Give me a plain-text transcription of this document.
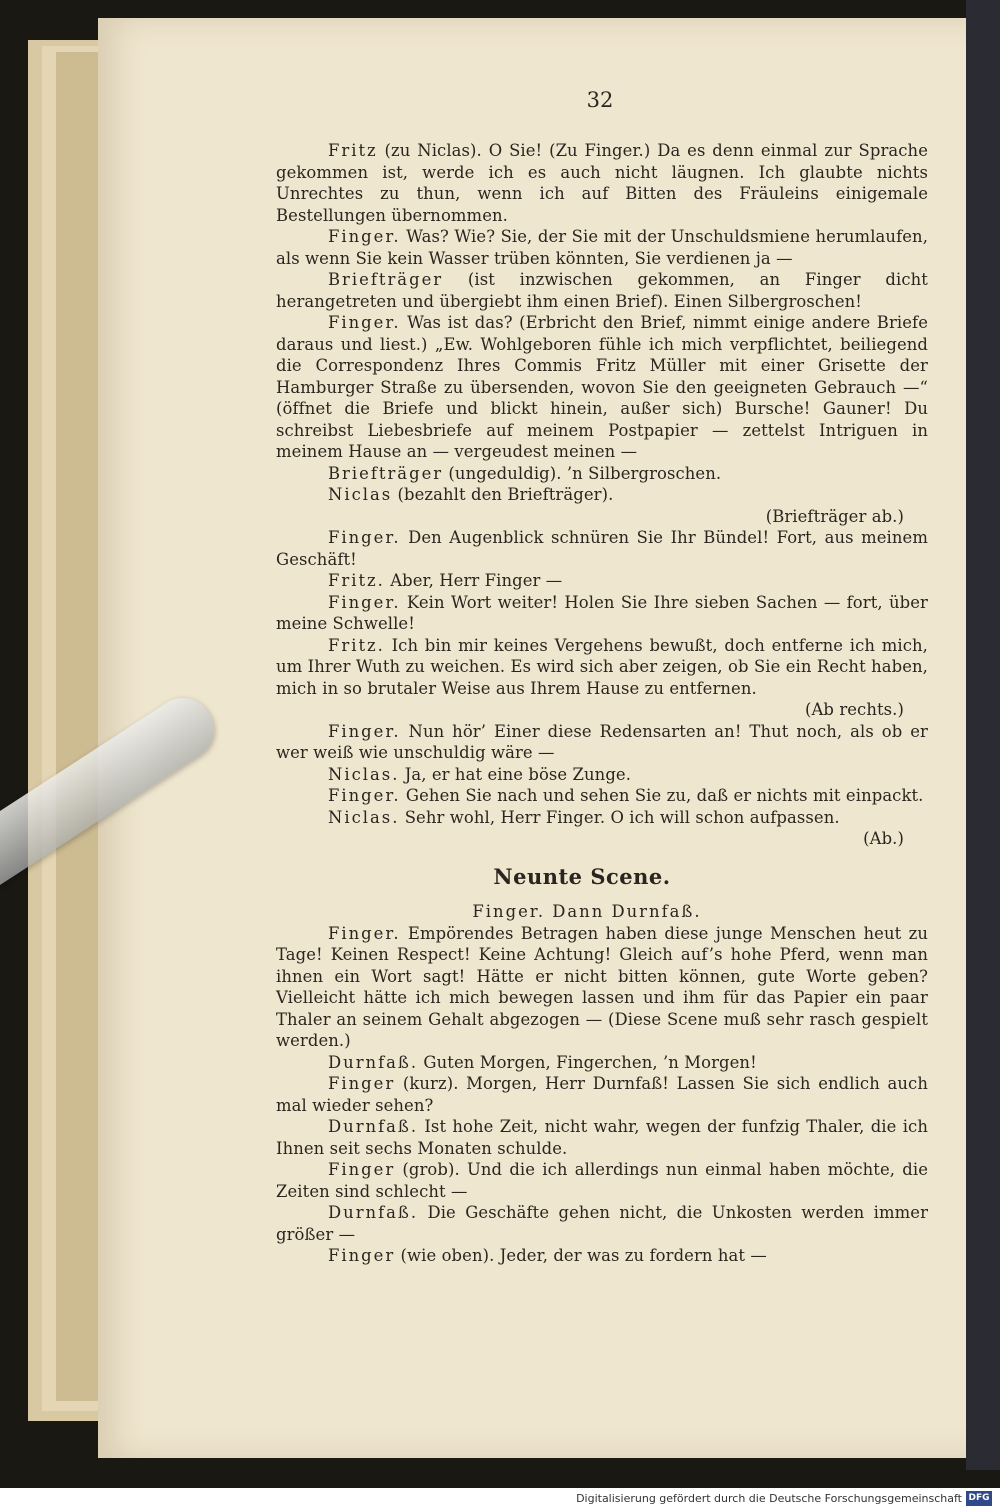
32

Fritz (zu Niclas). O Sie! (Zu Finger.) Da es denn einmal zur Sprache gekommen ist, werde ich es auch nicht läugnen. Ich glaubte nichts Unrechtes zu thun, wenn ich auf Bitten des Fräuleins einigemale Bestellungen übernommen.

Finger. Was? Wie? Sie, der Sie mit der Unschuldsmiene herumlaufen, als wenn Sie kein Wasser trüben könnten, Sie verdienen ja —

Briefträger (ist inzwischen gekommen, an Finger dicht herangetreten und übergiebt ihm einen Brief). Einen Silbergroschen!

Finger. Was ist das? (Erbricht den Brief, nimmt einige andere Briefe daraus und liest.) „Ew. Wohlgeboren fühle ich mich verpflichtet, beiliegend die Correspondenz Ihres Commis Fritz Müller mit einer Grisette der Hamburger Straße zu übersenden, wovon Sie den geeigneten Gebrauch —“ (öffnet die Briefe und blickt hinein, außer sich) Bursche! Gauner! Du schreibst Liebesbriefe auf meinem Postpapier — zettelst Intriguen in meinem Hause an — vergeudest meinen —

Briefträger (ungeduldig). ’n Silbergroschen.

Niclas (bezahlt den Briefträger).

(Briefträger ab.)

Finger. Den Augenblick schnüren Sie Ihr Bündel! Fort, aus meinem Geschäft!

Fritz. Aber, Herr Finger —

Finger. Kein Wort weiter! Holen Sie Ihre sieben Sachen — fort, über meine Schwelle!

Fritz. Ich bin mir keines Vergehens bewußt, doch entferne ich mich, um Ihrer Wuth zu weichen. Es wird sich aber zeigen, ob Sie ein Recht haben, mich in so brutaler Weise aus Ihrem Hause zu entfernen.

(Ab rechts.)

Finger. Nun hör’ Einer diese Redensarten an! Thut noch, als ob er wer weiß wie unschuldig wäre —

Niclas. Ja, er hat eine böse Zunge.

Finger. Gehen Sie nach und sehen Sie zu, daß er nichts mit einpackt.

Niclas. Sehr wohl, Herr Finger. O ich will schon aufpassen.

(Ab.)

Neunte Scene.

Finger. Dann Durnfaß.

Finger. Empörendes Betragen haben diese junge Menschen heut zu Tage! Keinen Respect! Keine Achtung! Gleich auf’s hohe Pferd, wenn man ihnen ein Wort sagt! Hätte er nicht bitten können, gute Worte geben? Vielleicht hätte ich mich bewegen lassen und ihm für das Papier ein paar Thaler an seinem Gehalt abgezogen — (Diese Scene muß sehr rasch gespielt werden.)

Durnfaß. Guten Morgen, Fingerchen, ’n Morgen!

Finger (kurz). Morgen, Herr Durnfaß! Lassen Sie sich endlich auch mal wieder sehen?

Durnfaß. Ist hohe Zeit, nicht wahr, wegen der funfzig Thaler, die ich Ihnen seit sechs Monaten schulde.

Finger (grob). Und die ich allerdings nun einmal haben möchte, die Zeiten sind schlecht —

Durnfaß. Die Geschäfte gehen nicht, die Unkosten werden immer größer —

Finger (wie oben). Jeder, der was zu fordern hat —

Digitalisierung gefördert durch die Deutsche Forschungsgemeinschaft DFG
